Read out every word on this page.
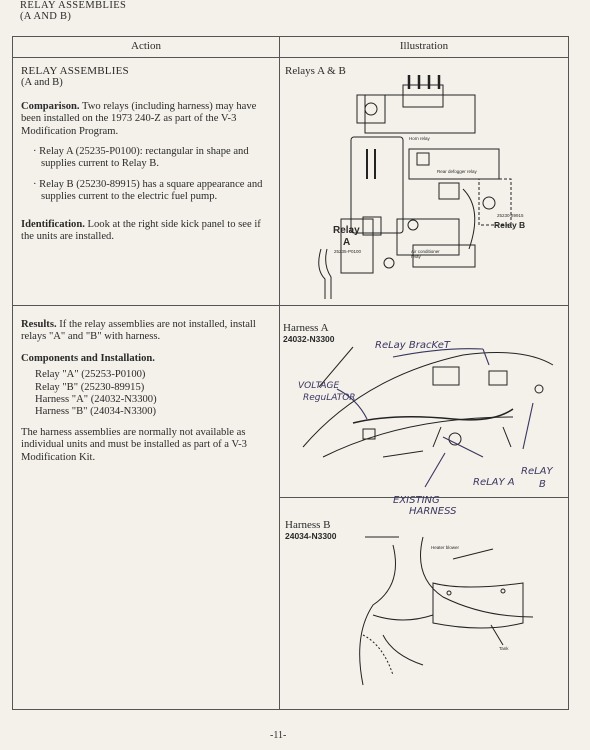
RELAY ASSEMBLIES
(A AND B)
Action	Illustration
RELAY ASSEMBLIES
(A and B)
Comparison. Two relays (including harness) may have been installed on the 1973 240-Z as part of the V-3 Modification Program.
· Relay A (25235-P0100): rectangular in shape and supplies current to Relay B.
· Relay B (25230-89915) has a square appearance and supplies current to the electric fuel pump.
Identification. Look at the right side kick panel to see if the units are installed.
Results. If the relay assemblies are not installed, install relays "A" and "B" with harness.
Components and Installation.
Relay "A" (25253-P0100)
Relay "B" (25230-89915)
Harness "A" (24032-N3300)
Harness "B" (24034-N3300)
The harness assemblies are normally not available as individual units and must be installed as part of a V-3 Modification Kit.
Relays A & B
Relay
A
25235-P0100
25230-89915
Relay B
Horn relay
Rear defogger relay
Air conditioner relay
Harness A
24032-N3300
ReLay BracKeT
VOLTAGE
ReguLATOR
ReLAY
B
ReLAY A
EXISTING
HARNESS
Harness B
24034-N3300
Heater blower
Tank
-11-
